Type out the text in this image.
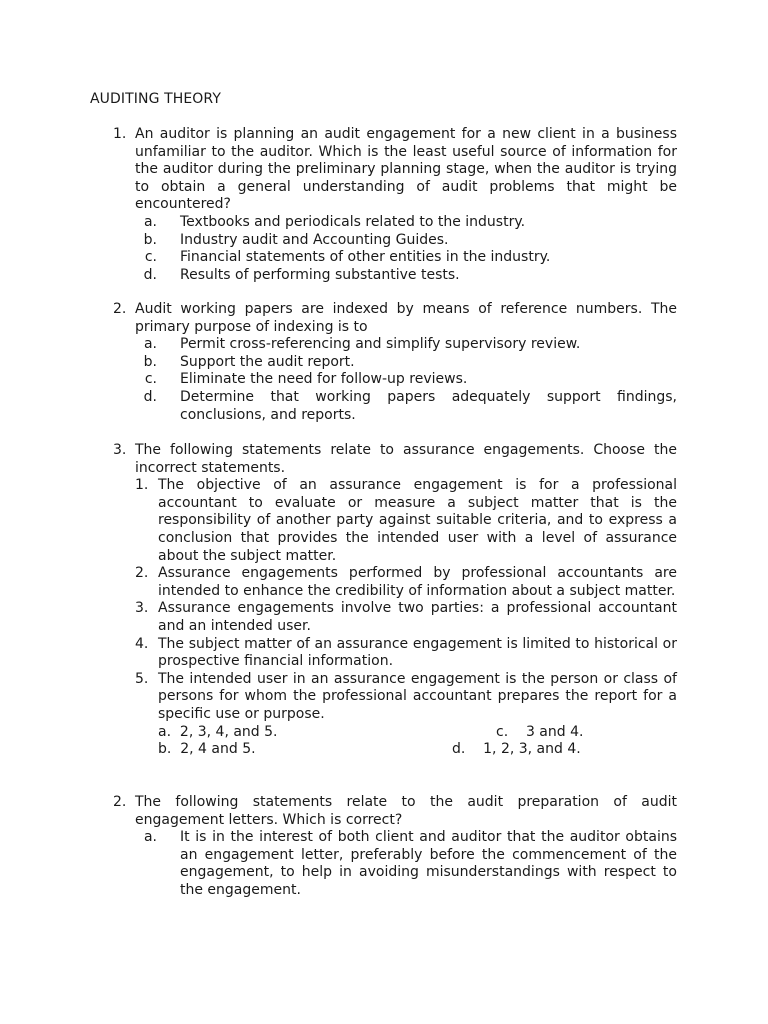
AUDITING THEORY
1. An auditor is planning an audit engagement for a new client in a business unfamiliar to the auditor. Which is the least useful source of information for the auditor during the preliminary planning stage, when the auditor is trying to obtain a general understanding of audit problems that might be encountered?
a. Textbooks and periodicals related to the industry.
b. Industry audit and Accounting Guides.
c. Financial statements of other entities in the industry.
d. Results of performing substantive tests.
2. Audit working papers are indexed by means of reference numbers. The primary purpose of indexing is to
a. Permit cross-referencing and simplify supervisory review.
b. Support the audit report.
c. Eliminate the need for follow-up reviews.
d. Determine that working papers adequately support findings, conclusions, and reports.
3. The following statements relate to assurance engagements. Choose the incorrect statements.
1. The objective of an assurance engagement is for a professional accountant to evaluate or measure a subject matter that is the responsibility of another party against suitable criteria, and to express a conclusion that provides the intended user with a level of assurance about the subject matter.
2. Assurance engagements performed by professional accountants are intended to enhance the credibility of information about a subject matter.
3. Assurance engagements involve two parties: a professional accountant and an intended user.
4. The subject matter of an assurance engagement is limited to historical or prospective financial information.
5. The intended user in an assurance engagement is the person or class of persons for whom the professional accountant prepares the report for a specific use or purpose.
a.  2, 3, 4, and 5.	c.    3 and 4.
b.  2, 4 and 5.	d.    1, 2, 3, and 4.
2. The following statements relate to the audit preparation of audit engagement letters. Which is correct?
a. It is in the interest of both client and auditor that the auditor obtains an engagement letter, preferably before the commencement of the engagement, to help in avoiding misunderstandings with respect to the engagement.
